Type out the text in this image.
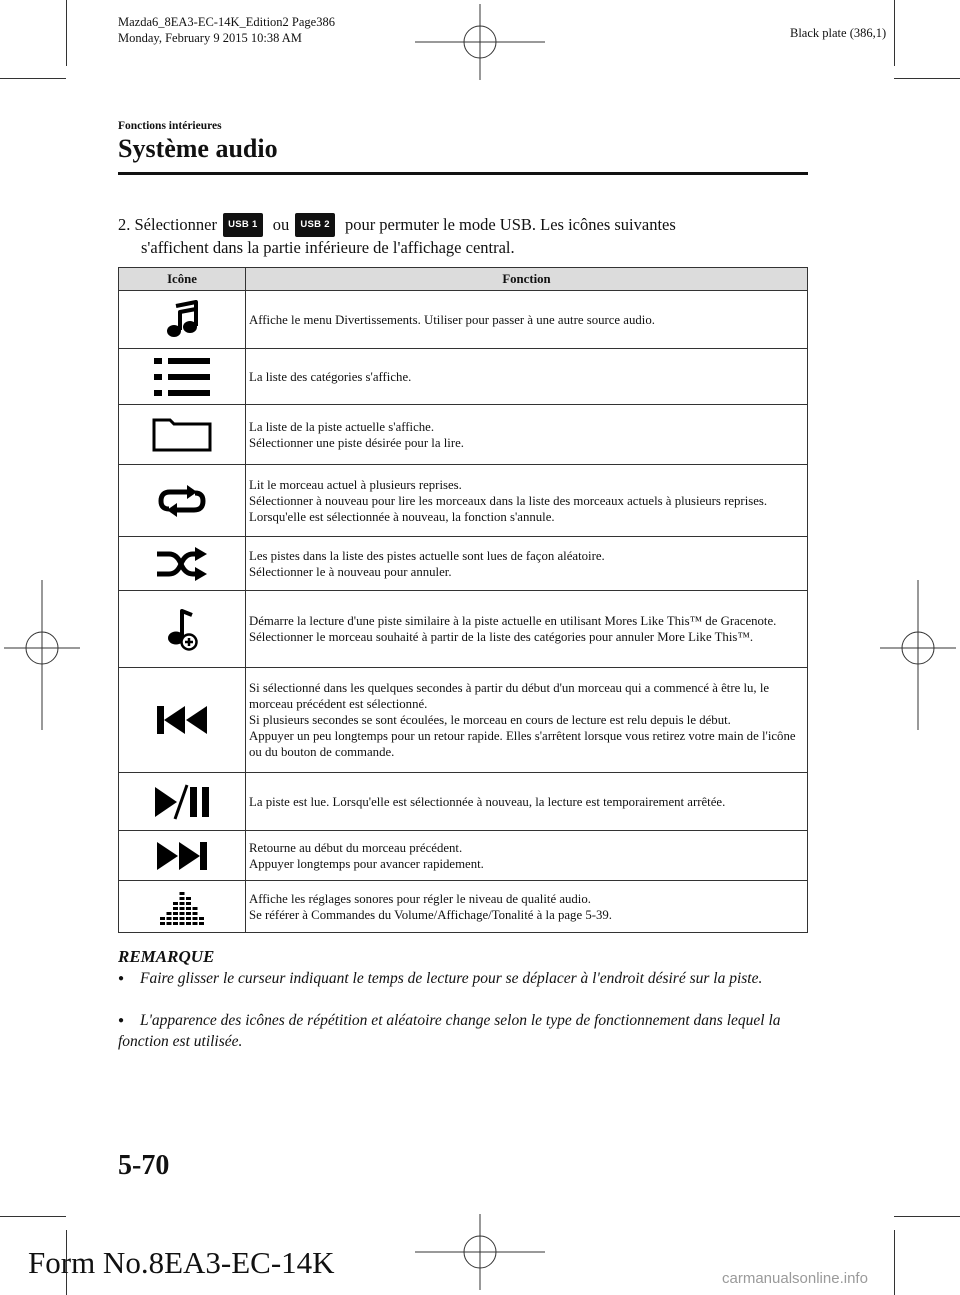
Mazda6_8EA3-EC-14K_Edition2 Page386
Monday, February 9 2015 10:38 AM	Black plate (386,1)
Fonctions intérieures
Système audio
2. Sélectionner USB 1 ou USB 2 pour permuter le mode USB. Les icônes suivantes
s'affichent dans la partie inférieure de l'affichage central.
Icône	Fonction

Affiche le menu Divertissements. Utiliser pour passer à une autre source audio.

La liste des catégories s'affiche.

La liste de la piste actuelle s'affiche.
Sélectionner une piste désirée pour la lire.

Lit le morceau actuel à plusieurs reprises.
Sélectionner à nouveau pour lire les morceaux dans la liste des morceaux actuels à plusieurs reprises.
Lorsqu'elle est sélectionnée à nouveau, la fonction s'annule.

Les pistes dans la liste des pistes actuelle sont lues de façon aléatoire.
Sélectionner le à nouveau pour annuler.

Démarre la lecture d'une piste similaire à la piste actuelle en utilisant Mores Like This™ de Gracenote.
Sélectionner le morceau souhaité à partir de la liste des catégories pour annuler More Like This™.

Si sélectionné dans les quelques secondes à partir du début d'un morceau qui a commencé à être lu, le morceau précédent est sélectionné.
Si plusieurs secondes se sont écoulées, le morceau en cours de lecture est relu depuis le début.
Appuyer un peu longtemps pour un retour rapide. Elles s'arrêtent lorsque vous retirez votre main de l'icône ou du bouton de commande.

La piste est lue. Lorsqu'elle est sélectionnée à nouveau, la lecture est temporairement arrêtée.

Retourne au début du morceau précédent.
Appuyer longtemps pour avancer rapidement.

Affiche les réglages sonores pour régler le niveau de qualité audio.
Se référer à Commandes du Volume/Affichage/Tonalité à la page 5-39.
REMARQUE
● Faire glisser le curseur indiquant le temps de lecture pour se déplacer à l'endroit désiré sur la piste.
● L'apparence des icônes de répétition et aléatoire change selon le type de fonctionnement dans lequel la fonction est utilisée.
5-70
Form No.8EA3-EC-14K	carmanualsonline.info
